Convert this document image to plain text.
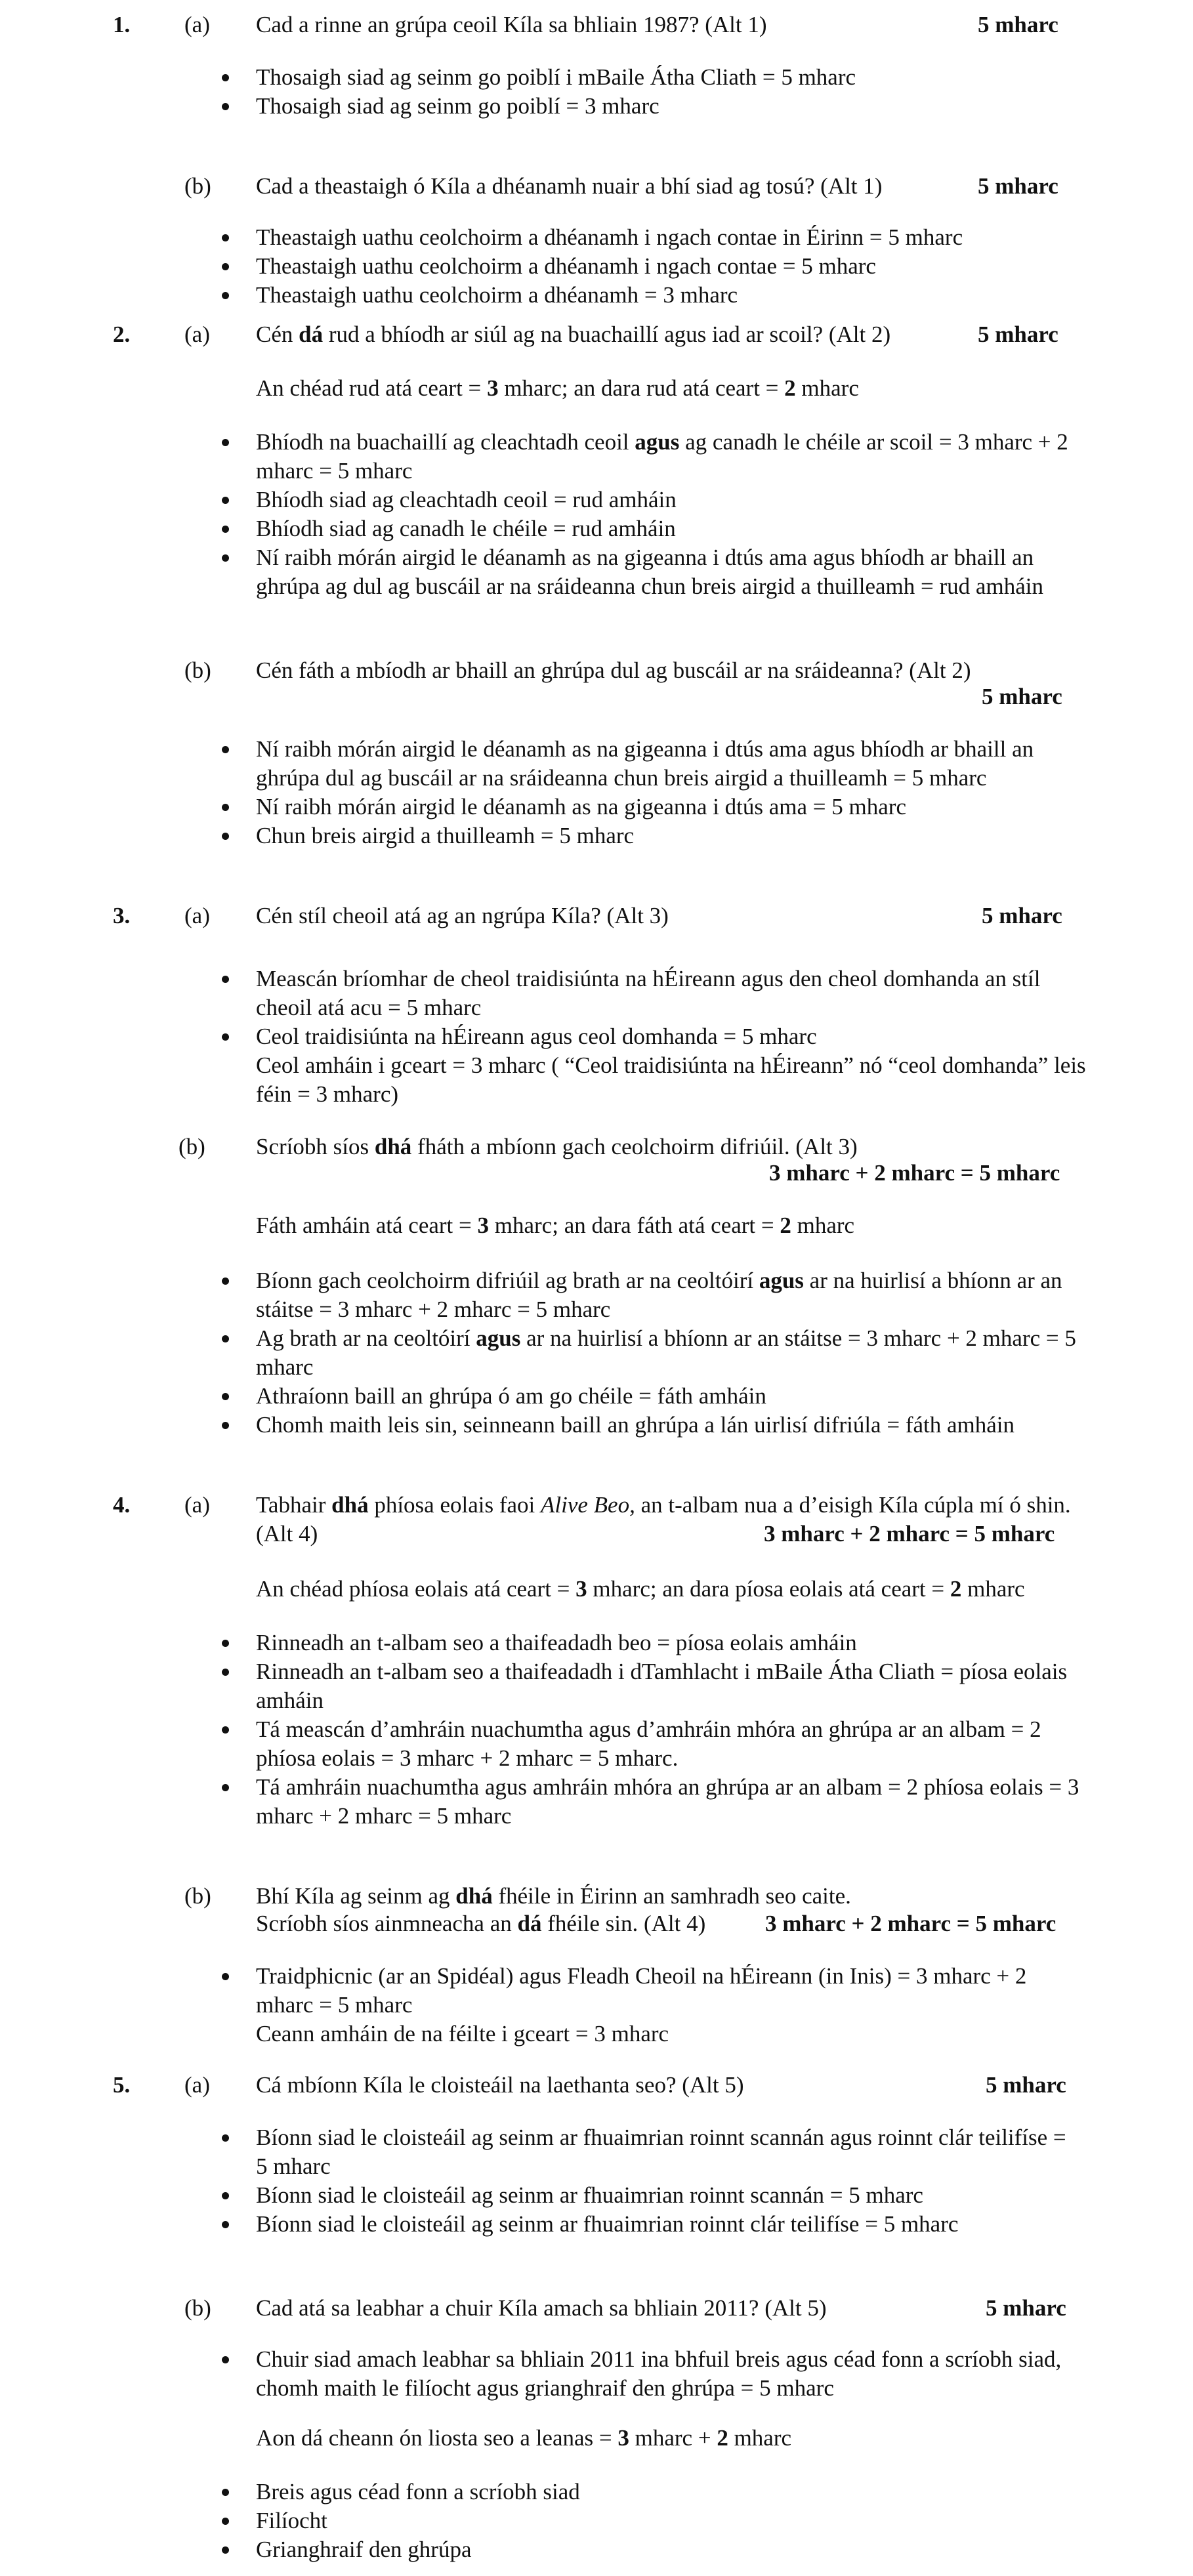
1. (a) Cad a rinne an grúpa ceoil Kíla sa bhliain 1987? (Alt 1)	5 mharc
Thosaigh siad ag seinm go poiblí i mBaile Átha Cliath = 5 mharc
Thosaigh siad ag seinm go poiblí = 3 mharc
(b) Cad a theastaigh ó Kíla a dhéanamh nuair a bhí siad ag tosú? (Alt 1)	5 mharc
Theastaigh uathu ceolchoirm a dhéanamh i ngach contae in Éirinn = 5 mharc
Theastaigh uathu ceolchoirm a dhéanamh i ngach contae = 5 mharc
Theastaigh uathu ceolchoirm a dhéanamh = 3 mharc
2. (a) Cén dá rud a bhíodh ar siúl ag na buachaillí agus iad ar scoil? (Alt 2)	5 mharc
An chéad rud atá ceart = 3 mharc; an dara rud atá ceart = 2 mharc
Bhíodh na buachaillí ag cleachtadh ceoil agus ag canadh le chéile ar scoil = 3 mharc + 2 mharc = 5 mharc
Bhíodh siad ag cleachtadh ceoil = rud amháin
Bhíodh siad ag canadh le chéile = rud amháin
Ní raibh mórán airgid le déanamh as na gigeanna i dtús ama agus bhíodh ar bhaill an ghrúpa ag dul ag buscáil ar na sráideanna chun breis airgid a thuilleamh = rud amháin
(b) Cén fáth a mbíodh ar bhaill an ghrúpa dul ag buscáil ar na sráideanna? (Alt 2)
5 mharc
Ní raibh mórán airgid le déanamh as na gigeanna i dtús ama agus bhíodh ar bhaill an ghrúpa dul ag buscáil ar na sráideanna chun breis airgid a thuilleamh = 5 mharc
Ní raibh mórán airgid le déanamh as na gigeanna i dtús ama = 5 mharc
Chun breis airgid a thuilleamh = 5 mharc
3. (a) Cén stíl cheoil atá ag an ngrúpa Kíla? (Alt 3)	5 mharc
Meascán bríomhar de cheol traidisiúnta na hÉireann agus den cheol domhanda an stíl cheoil atá acu = 5 mharc
Ceol traidisiúnta na hÉireann agus ceol domhanda = 5 mharc
Ceol amháin i gceart = 3 mharc ( “Ceol traidisiúnta na hÉireann” nó “ceol domhanda” leis féin = 3 mharc)
(b) Scríobh síos dhá fháth a mbíonn gach ceolchoirm difriúil. (Alt 3)
3 mharc + 2 mharc = 5 mharc
Fáth amháin atá ceart = 3 mharc; an dara fáth atá ceart = 2 mharc
Bíonn gach ceolchoirm difriúil ag brath ar na ceoltóirí agus ar na huirlisí a bhíonn ar an stáitse = 3 mharc + 2 mharc = 5 mharc
Ag brath ar na ceoltóirí agus ar na huirlisí a bhíonn ar an stáitse = 3 mharc + 2 mharc = 5 mharc
Athraíonn baill an ghrúpa ó am go chéile = fáth amháin
Chomh maith leis sin, seinneann baill an ghrúpa a lán uirlisí difriúla = fáth amháin
4. (a) Tabhair dhá phíosa eolais faoi Alive Beo, an t-albam nua a d’eisigh Kíla cúpla mí ó shin. (Alt 4)	3 mharc + 2 mharc = 5 mharc
An chéad phíosa eolais atá ceart = 3 mharc; an dara píosa eolais atá ceart = 2 mharc
Rinneadh an t-albam seo a thaifeadadh beo = píosa eolais amháin
Rinneadh an t-albam seo a thaifeadadh i dTamhlacht i mBaile Átha Cliath = píosa eolais amháin
Tá meascán d’amhráin nuachumtha agus d’amhráin mhóra an ghrúpa ar an albam = 2 phíosa eolais = 3 mharc + 2 mharc = 5 mharc.
Tá amhráin nuachumtha agus amhráin mhóra an ghrúpa ar an albam = 2 phíosa eolais = 3 mharc + 2 mharc = 5 mharc
(b) Bhí Kíla ag seinm ag dhá fhéile in Éirinn an samhradh seo caite.
Scríobh síos ainmneacha an dá fhéile sin. (Alt 4)	3 mharc + 2 mharc = 5 mharc
Traidphicnic (ar an Spidéal) agus Fleadh Cheoil na hÉireann (in Inis) = 3 mharc + 2 mharc = 5 mharc
Ceann amháin de na féilte i gceart = 3 mharc
5. (a) Cá mbíonn Kíla le cloisteáil na laethanta seo? (Alt 5)	5 mharc
Bíonn siad le cloisteáil ag seinm ar fhuaimrian roinnt scannán agus roinnt clár teilifíse = 5 mharc
Bíonn siad le cloisteáil ag seinm ar fhuaimrian roinnt scannán = 5 mharc
Bíonn siad le cloisteáil ag seinm ar fhuaimrian roinnt clár teilifíse = 5 mharc
(b) Cad atá sa leabhar a chuir Kíla amach sa bhliain 2011? (Alt 5)	5 mharc
Chuir siad amach leabhar sa bhliain 2011 ina bhfuil breis agus céad fonn a scríobh siad, chomh maith le filíocht agus grianghraif den ghrúpa = 5 mharc
Aon dá cheann ón liosta seo a leanas = 3 mharc + 2 mharc
Breis agus céad fonn a scríobh siad
Filíocht
Grianghraif den ghrúpa
